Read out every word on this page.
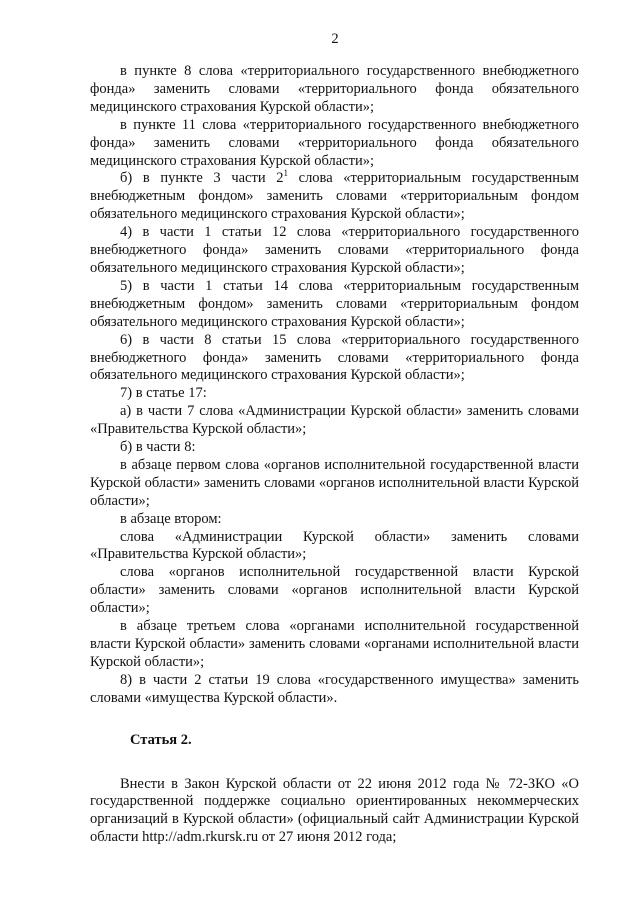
2

в пункте 8 слова «территориального государственного внебюджетного фонда» заменить словами «территориального фонда обязательного медицинского страхования Курской области»;

в пункте 11 слова «территориального государственного внебюджетного фонда» заменить словами «территориального фонда обязательного медицинского страхования Курской области»;

б) в пункте 3 части $2^1$ слова «территориальным государственным внебюджетным фондом» заменить словами «территориальным фондом обязательного медицинского страхования Курской области»;

4) в части 1 статьи 12 слова «территориального государственного внебюджетного фонда» заменить словами «территориального фонда обязательного медицинского страхования Курской области»;

5) в части 1 статьи 14 слова «территориальным государственным внебюджетным фондом» заменить словами «территориальным фондом обязательного медицинского страхования Курской области»;

6) в части 8 статьи 15 слова «территориального государственного внебюджетного фонда» заменить словами «территориального фонда обязательного медицинского страхования Курской области»;

7) в статье 17:

а) в части 7 слова «Администрации Курской области» заменить словами «Правительства Курской области»;

б) в части 8:

в абзаце первом слова «органов исполнительной государственной власти Курской области» заменить словами «органов исполнительной власти Курской области»;

в абзаце втором:

слова «Администрации Курской области» заменить словами «Правительства Курской области»;

слова «органов исполнительной государственной власти Курской области» заменить словами «органов исполнительной власти Курской области»;

в абзаце третьем слова «органами исполнительной государственной власти Курской области» заменить словами «органами исполнительной власти Курской области»;

8) в части 2 статьи 19 слова «государственного имущества» заменить словами «имущества Курской области».

Статья 2.

Внести в Закон Курской области от 22 июня 2012 года № 72-ЗКО «О государственной поддержке социально ориентированных некоммерческих организаций в Курской области» (официальный сайт Администрации Курской области http://adm.rkursk.ru от 27 июня 2012 года;
